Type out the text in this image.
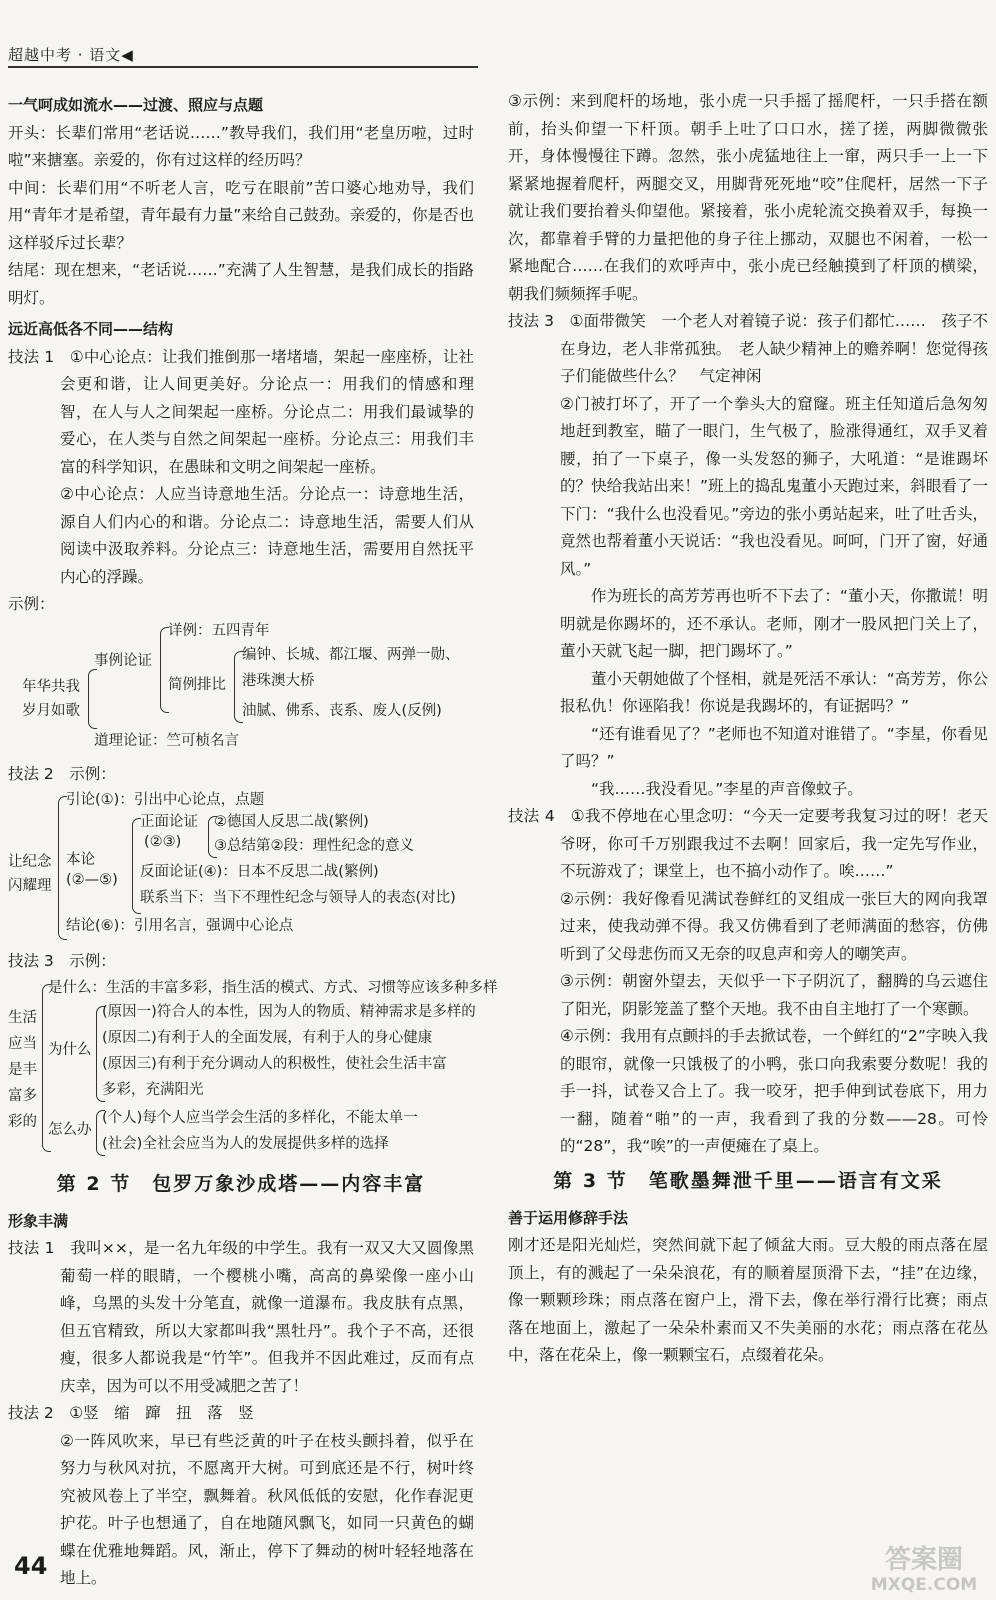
超越中考 · 语文◀

一气呵成如流水——过渡、照应与点题

开头：长辈们常用“老话说……”教导我们，我们用“老皇历啦，过时啦”来搪塞。亲爱的，你有过这样的经历吗？

中间：长辈们用“不听老人言，吃亏在眼前”苦口婆心地劝导，我们用“青年才是希望，青年最有力量”来给自己鼓劲。亲爱的，你是否也这样驳斥过长辈？

结尾：现在想来，“老话说……”充满了人生智慧，是我们成长的指路明灯。

远近高低各不同——结构

技法 1　①中心论点：让我们推倒那一堵堵墙，架起一座座桥，让社会更和谐，让人间更美好。分论点一：用我们的情感和理智，在人与人之间架起一座桥。分论点二：用我们最诚挚的爱心，在人类与自然之间架起一座桥。分论点三：用我们丰富的科学知识，在愚昧和文明之间架起一座桥。

②中心论点：人应当诗意地生活。分论点一：诗意地生活，源自人们内心的和谐。分论点二：诗意地生活，需要人们从阅读中汲取养料。分论点三：诗意地生活，需要用自然抚平内心的浮躁。

示例：

年华共我
岁月如歌
事例论证
详例：五四青年
简例排比
编钟、长城、都江堰、两弹一勋、
港珠澳大桥
油腻、佛系、丧系、废人(反例)
道理论证：竺可桢名言

技法 2　示例：

让纪念
闪耀理
引论(①)：引出中心论点，点题
本论
(②—⑤)
正面论证
(②③)
②德国人反思二战(繁例)
③总结第②段：理性纪念的意义
反面论证(④)：日本不反思二战(繁例)
联系当下：当下不理性纪念与领导人的表态(对比)
结论(⑥)：引用名言，强调中心论点

技法 3　示例：

生活
应当
是丰
富多
彩的
是什么：生活的丰富多彩，指生活的模式、方式、习惯等应该多种多样
为什么
(原因一)符合人的本性，因为人的物质、精神需求是多样的
(原因二)有利于人的全面发展，有利于人的身心健康
(原因三)有利于充分调动人的积极性，使社会生活丰富
多彩，充满阳光
怎么办
(个人)每个人应当学会生活的多样化，不能太单一
(社会)全社会应当为人的发展提供多样的选择

第 2 节　包罗万象沙成塔——内容丰富

形象丰满

技法 1　我叫××，是一名九年级的中学生。我有一双又大又圆像黑葡萄一样的眼睛，一个樱桃小嘴，高高的鼻梁像一座小山峰，乌黑的头发十分笔直，就像一道瀑布。我皮肤有点黑，但五官精致，所以大家都叫我“黑牡丹”。我个子不高，还很瘦，很多人都说我是“竹竿”。但我并不因此难过，反而有点庆幸，因为可以不用受减肥之苦了！

技法 2　①竖　缩　蹿　扭　落　竖

②一阵风吹来，早已有些泛黄的叶子在枝头颤抖着，似乎在努力与秋风对抗，不愿离开大树。可到底还是不行，树叶终究被风卷上了半空，飘舞着。秋风低低的安慰，化作春泥更护花。叶子也想通了，自在地随风飘飞，如同一只黄色的蝴蝶在优雅地舞蹈。风，渐止，停下了舞动的树叶轻轻地落在地上。

③示例：来到爬杆的场地，张小虎一只手摇了摇爬杆，一只手搭在额前，抬头仰望一下杆顶。朝手上吐了口口水，搓了搓，两脚微微张开，身体慢慢往下蹲。忽然，张小虎猛地往上一窜，两只手一上一下紧紧地握着爬杆，两腿交叉，用脚背死死地“咬”住爬杆，居然一下子就让我们要抬着头仰望他。紧接着，张小虎轮流交换着双手，每换一次，都靠着手臂的力量把他的身子往上挪动，双腿也不闲着，一松一紧地配合……在我们的欢呼声中，张小虎已经触摸到了杆顶的横梁，朝我们频频挥手呢。

技法 3　①面带微笑　一个老人对着镜子说：孩子们都忙……　孩子不在身边，老人非常孤独。　老人缺少精神上的赡养啊！您觉得孩子们能做些什么？　气定神闲

②门被打坏了，开了一个拳头大的窟窿。班主任知道后急匆匆地赶到教室，瞄了一眼门，生气极了，脸涨得通红，双手叉着腰，拍了一下桌子，像一头发怒的狮子，大吼道：“是谁踢坏的？快给我站出来！”班上的捣乱鬼董小天跑过来，斜眼看了一下门：“我什么也没看见。”旁边的张小勇站起来，吐了吐舌头，竟然也帮着董小天说话：“我也没看见。呵呵，门开了窗，好通风。”

作为班长的高芳芳再也听不下去了：“董小天，你撒谎！明明就是你踢坏的，还不承认。老师，刚才一股风把门关上了，董小天就飞起一脚，把门踢坏了。”

董小天朝她做了个怪相，就是死活不承认：“高芳芳，你公报私仇！你诬陷我！你说是我踢坏的，有证据吗？”

“还有谁看见了？”老师也不知道对谁错了。“李星，你看见了吗？”

“我……我没看见。”李星的声音像蚊子。

技法 4　①我不停地在心里念叨：“今天一定要考我复习过的呀！老天爷呀，你可千万别跟我过不去啊！回家后，我一定先写作业，不玩游戏了；课堂上，也不搞小动作了。唉……”

②示例：我好像看见满试卷鲜红的叉组成一张巨大的网向我罩过来，使我动弹不得。我又仿佛看到了老师满面的愁容，仿佛听到了父母悲伤而又无奈的叹息声和旁人的嘲笑声。

③示例：朝窗外望去，天似乎一下子阴沉了，翻腾的乌云遮住了阳光，阴影笼盖了整个天地。我不由自主地打了一个寒颤。

④示例：我用有点颤抖的手去掀试卷，一个鲜红的“2”字映入我的眼帘，就像一只饿极了的小鸭，张口向我索要分数呢！我的手一抖，试卷又合上了。我一咬牙，把手伸到试卷底下，用力一翻，随着“啪”的一声，我看到了我的分数——28。可怜的“28”，我“唉”的一声便瘫在了桌上。

第 3 节　笔歌墨舞泄千里——语言有文采

善于运用修辞手法

刚才还是阳光灿烂，突然间就下起了倾盆大雨。豆大般的雨点落在屋顶上，有的溅起了一朵朵浪花，有的顺着屋顶滑下去，“挂”在边缘，像一颗颗珍珠；雨点落在窗户上，滑下去，像在举行滑行比赛；雨点落在地面上，激起了一朵朵朴素而又不失美丽的水花；雨点落在花丛中，落在花朵上，像一颗颗宝石，点缀着花朵。

44	答案圈
MXQE.COM
